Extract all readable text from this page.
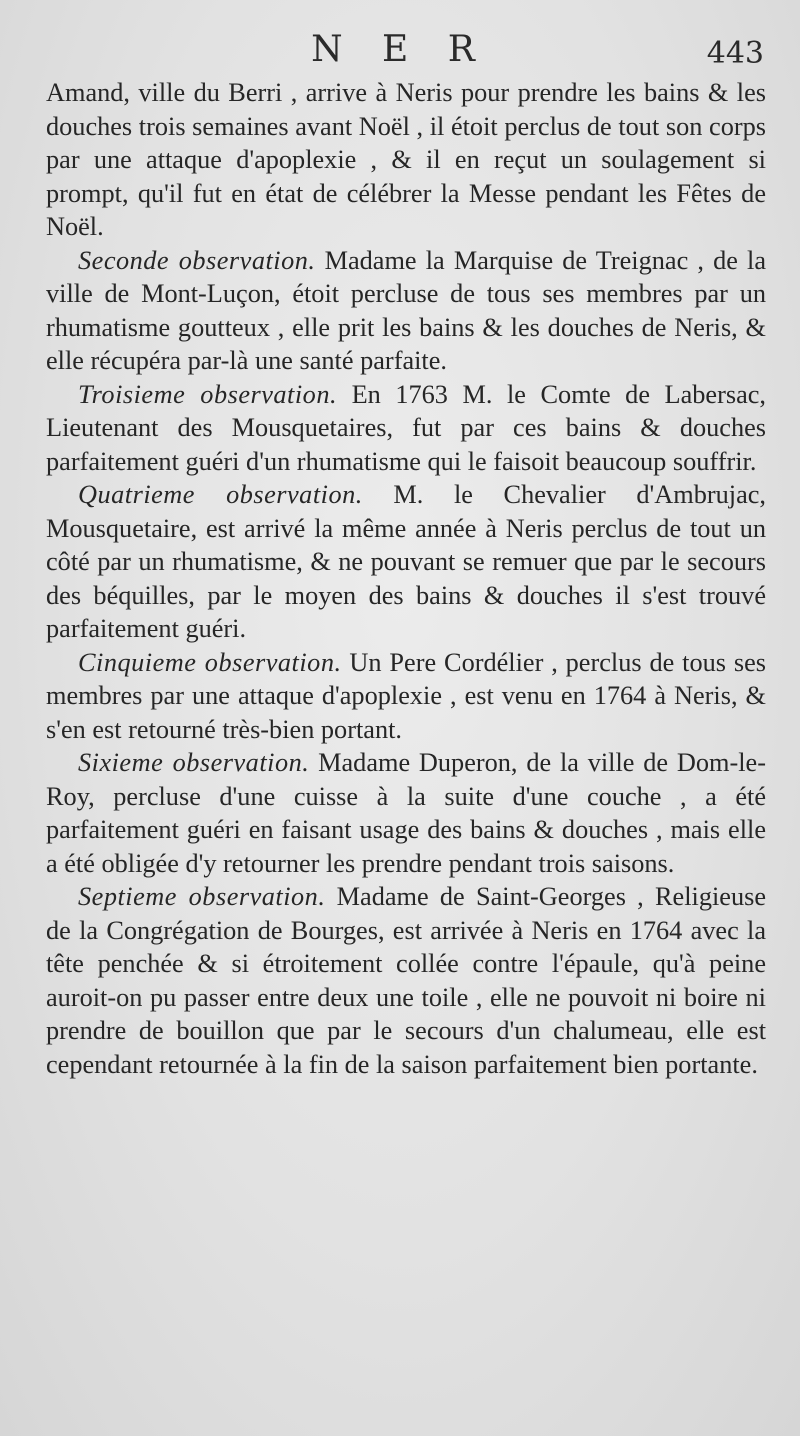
N E R	443

Amand, ville du Berri , arrive à Neris pour prendre les bains & les douches trois semaines avant Noël , il étoit perclus de tout son corps par une attaque d'apoplexie , & il en reçut un soulagement si prompt, qu'il fut en état de célébrer la Messe pendant les Fêtes de Noël.

Seconde observation. Madame la Marquise de Treignac , de la ville de Mont-Luçon, étoit percluse de tous ses membres par un rhumatisme goutteux , elle prit les bains & les douches de Neris, & elle récupéra par-là une santé parfaite.

Troisieme observation. En 1763 M. le Comte de Labersac, Lieutenant des Mousquetaires, fut par ces bains & douches parfaitement guéri d'un rhumatisme qui le faisoit beaucoup souffrir.

Quatrieme observation. M. le Chevalier d'Ambrujac, Mousquetaire, est arrivé la même année à Neris perclus de tout un côté par un rhumatisme, & ne pouvant se remuer que par le secours des béquilles, par le moyen des bains & douches il s'est trouvé parfaitement guéri.

Cinquieme observation. Un Pere Cordélier , perclus de tous ses membres par une attaque d'apoplexie , est venu en 1764 à Neris, & s'en est retourné très-bien portant.

Sixieme observation. Madame Duperon, de la ville de Dom-le-Roy, percluse d'une cuisse à la suite d'une couche , a été parfaitement guéri en faisant usage des bains & douches , mais elle a été obligée d'y retourner les prendre pendant trois saisons.

Septieme observation. Madame de Saint-Georges , Religieuse de la Congrégation de Bourges, est arrivée à Neris en 1764 avec la tête penchée & si étroitement collée contre l'épaule, qu'à peine auroit-on pu passer entre deux une toile , elle ne pouvoit ni boire ni prendre de bouillon que par le secours d'un chalumeau, elle est cependant retournée à la fin de la saison parfaitement bien portante.
